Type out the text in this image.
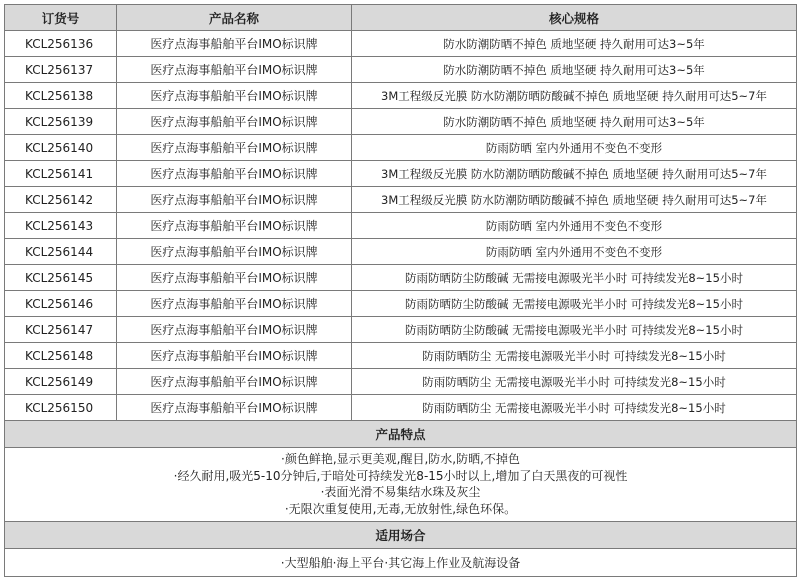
订货号	产品名称	核心规格
KCL256136	医疗点海事船舶平台IMO标识牌	防水防潮防晒不掉色 质地坚硬 持久耐用可达3~5年
KCL256137	医疗点海事船舶平台IMO标识牌	防水防潮防晒不掉色 质地坚硬 持久耐用可达3~5年
KCL256138	医疗点海事船舶平台IMO标识牌	3M工程级反光膜 防水防潮防晒防酸碱不掉色 质地坚硬 持久耐用可达5~7年
KCL256139	医疗点海事船舶平台IMO标识牌	防水防潮防晒不掉色 质地坚硬 持久耐用可达3~5年
KCL256140	医疗点海事船舶平台IMO标识牌	防雨防晒 室内外通用不变色不变形
KCL256141	医疗点海事船舶平台IMO标识牌	3M工程级反光膜 防水防潮防晒防酸碱不掉色 质地坚硬 持久耐用可达5~7年
KCL256142	医疗点海事船舶平台IMO标识牌	3M工程级反光膜 防水防潮防晒防酸碱不掉色 质地坚硬 持久耐用可达5~7年
KCL256143	医疗点海事船舶平台IMO标识牌	防雨防晒 室内外通用不变色不变形
KCL256144	医疗点海事船舶平台IMO标识牌	防雨防晒 室内外通用不变色不变形
KCL256145	医疗点海事船舶平台IMO标识牌	防雨防晒防尘防酸碱 无需接电源吸光半小时 可持续发光8~15小时
KCL256146	医疗点海事船舶平台IMO标识牌	防雨防晒防尘防酸碱 无需接电源吸光半小时 可持续发光8~15小时
KCL256147	医疗点海事船舶平台IMO标识牌	防雨防晒防尘防酸碱 无需接电源吸光半小时 可持续发光8~15小时
KCL256148	医疗点海事船舶平台IMO标识牌	防雨防晒防尘 无需接电源吸光半小时 可持续发光8~15小时
KCL256149	医疗点海事船舶平台IMO标识牌	防雨防晒防尘 无需接电源吸光半小时 可持续发光8~15小时
KCL256150	医疗点海事船舶平台IMO标识牌	防雨防晒防尘 无需接电源吸光半小时 可持续发光8~15小时
产品特点		

·颜色鲜艳,显示更美观,醒目,防水,防晒,不掉色
·经久耐用,吸光5-10分钟后,于暗处可持续发光8-15小时以上,增加了白天黑夜的可视性
·表面光滑不易集结水珠及灰尘
·无限次重复使用,无毒,无放射性,绿色环保。		

适用场合		
·大型船舶·海上平台·其它海上作业及航海设备		
